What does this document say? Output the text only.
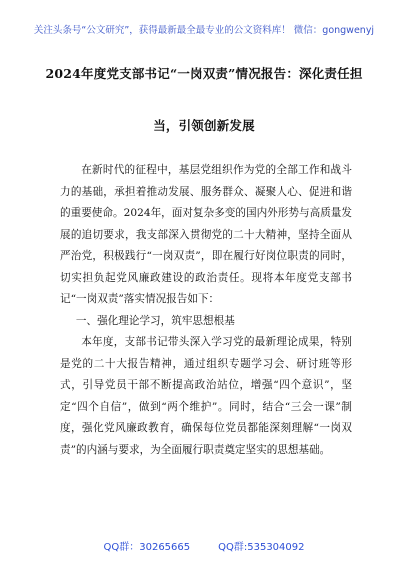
关注头条号“公文研究”，获得最新最全最专业的公文资料库！ 微信：gongwenyj
2024年度党支部书记“一岗双责”情况报告：深化责任担
当，引领创新发展

在新时代的征程中，基层党组织作为党的全部工作和战斗力的基础，承担着推动发展、服务群众、凝聚人心、促进和谐的重要使命。2024年，面对复杂多变的国内外形势与高质量发展的追切要求，我支部深入贯彻党的二十大精神，坚持全面从严治党，积极践行“一岗双责”，即在履行好岗位职责的同时，切实担负起党风廉政建设的政治责任。现将本年度党支部书记“一岗双责”落实情况报告如下：

一、强化理论学习，筑牢思想根基

本年度，支部书记带头深入学习党的最新理论成果，特别是党的二十大报告精神，通过组织专题学习会、研讨班等形式，引导党员干部不断提高政治站位，增强“四个意识”，坚定“四个自信”，做到“两个维护”。同时，结合“三会一课”制度，强化党风廉政教育，确保每位党员都能深刻理解“一岗双责”的内涵与要求，为全面履行职责奠定坚实的思想基础。

QQ群：30265665	QQ群:535304092
